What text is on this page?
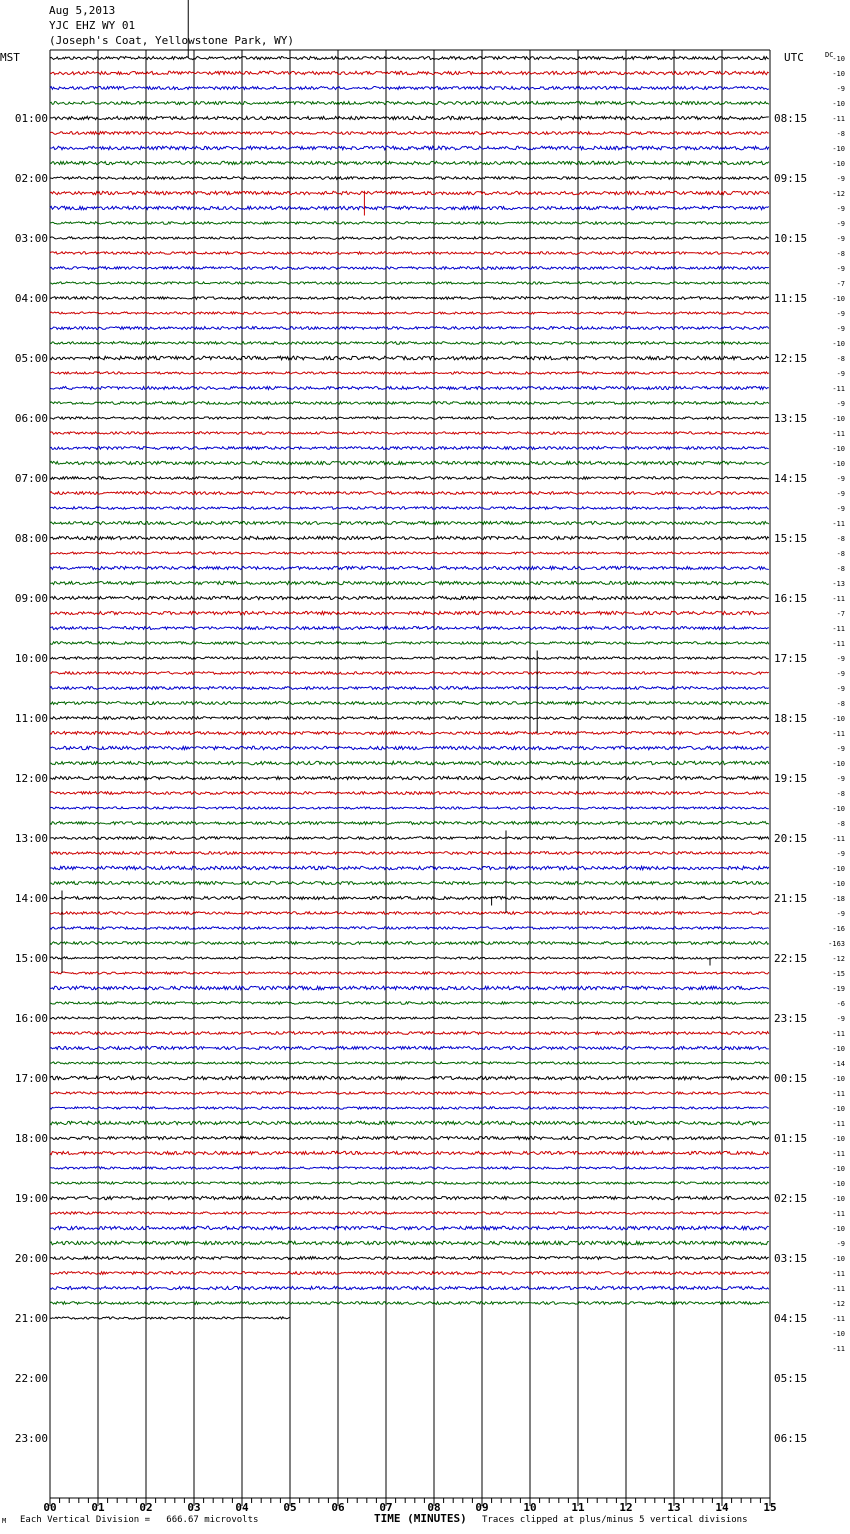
Aug 5,2013
YJC EHZ WY 01
(Joseph's Coat, Yellowstone Park, WY)
00	01	02	03	04	05	06	07	08	09	10	11	12	13	14	15
MST	UTC	DC
01:00	08:15
02:00	09:15
03:00	10:15
04:00	11:15
05:00	12:15
06:00	13:15
07:00	14:15
08:00	15:15
09:00	16:15
10:00	17:15
11:00	18:15
12:00	19:15
13:00	20:15
14:00	21:15
15:00	22:15
16:00	23:15
17:00	00:15
18:00	01:15
19:00	02:15
20:00	03:15
21:00	04:15
22:00	05:15
23:00	06:15
-10
-10
-9
-10
-11
-8
-10
-10
-9
-12
-9
-9
-9
-8
-9
-7
-10
-9
-9
-10
-8
-9
-11
-9
-10
-11
-10
-10
-9
-9
-9
-11
-8
-8
-8
-13
-11
-7
-11
-11
-9
-9
-9
-8
-10
-11
-9
-10
-9
-8
-10
-8
-11
-9
-10
-10
-18
-9
-16
-163
-12
-15
-19
-6
-9
-11
-10
-14
-10
-11
-10
-11
-10
-11
-10
-10
-10
-11
-10
-9
-10
-11
-11
-12
-11
-10
-11
M Each Vertical Division =   666.67 microvolts	TIME (MINUTES) Traces clipped at plus/minus 5 vertical divisions
